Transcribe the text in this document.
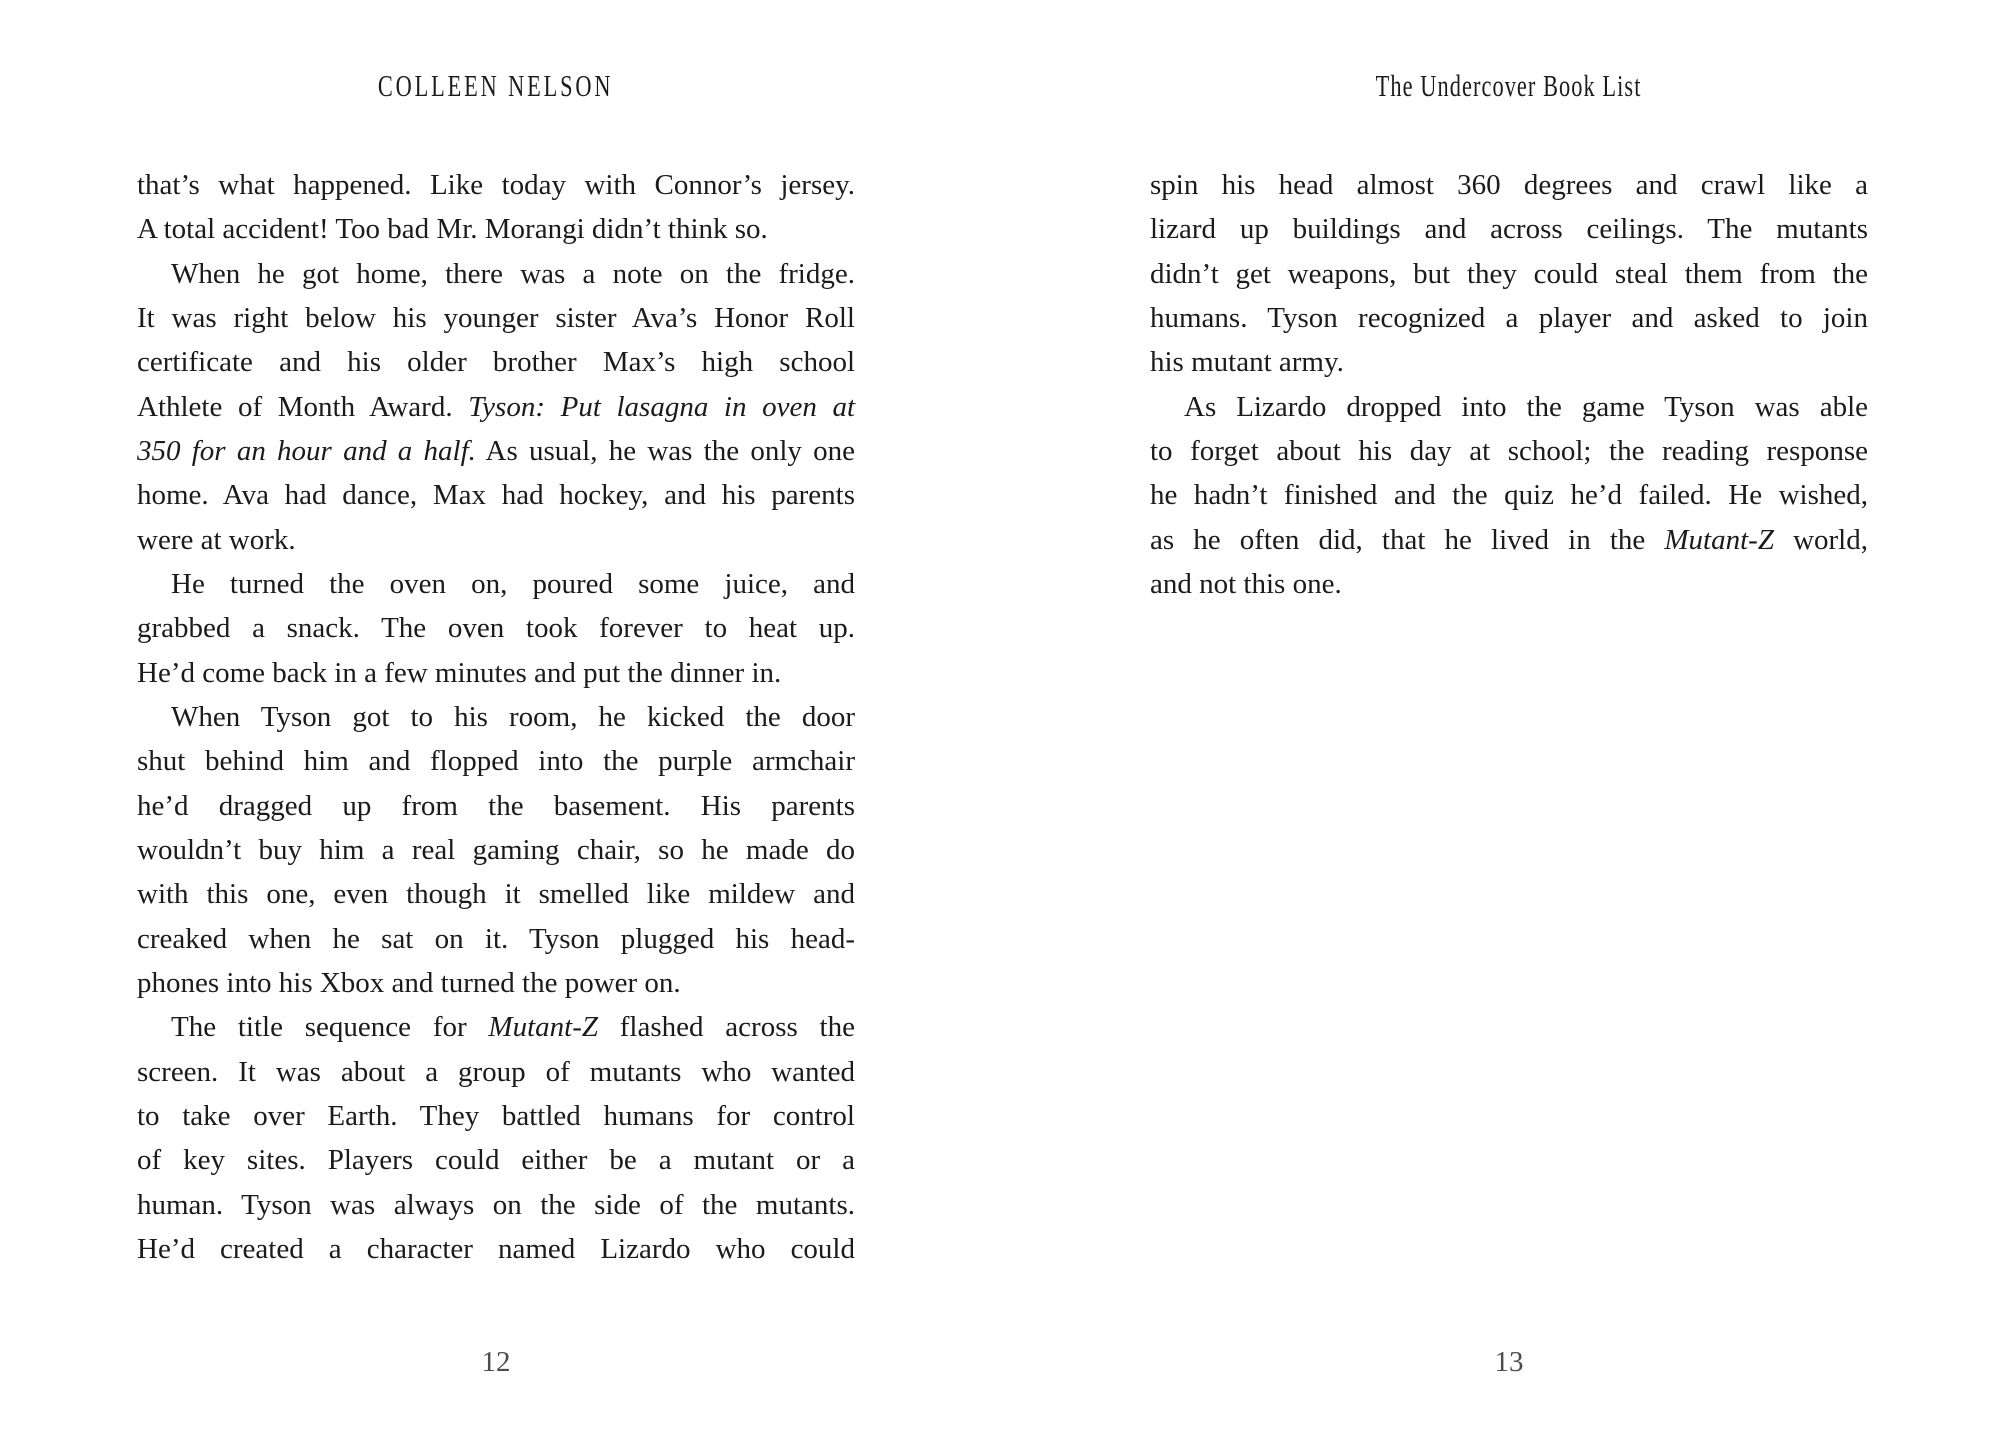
COLLEEN NELSON
that’s what happened. Like today with Connor’s jersey.
A total accident! Too bad Mr. Morangi didn’t think so.
When he got home, there was a note on the fridge.
It was right below his younger sister Ava’s Honor Roll
certificate and his older brother Max’s high school
Athlete of Month Award. Tyson: Put lasagna in oven at
350 for an hour and a half. As usual, he was the only one
home. Ava had dance, Max had hockey, and his parents
were at work.
He turned the oven on, poured some juice, and
grabbed a snack. The oven took forever to heat up.
He’d come back in a few minutes and put the dinner in.
When Tyson got to his room, he kicked the door
shut behind him and flopped into the purple armchair
he’d dragged up from the basement. His parents
wouldn’t buy him a real gaming chair, so he made do
with this one, even though it smelled like mildew and
creaked when he sat on it. Tyson plugged his head-
phones into his Xbox and turned the power on.
The title sequence for Mutant-Z flashed across the
screen. It was about a group of mutants who wanted
to take over Earth. They battled humans for control
of key sites. Players could either be a mutant or a
human. Tyson was always on the side of the mutants.
He’d created a character named Lizardo who could
12
The Undercover Book List
spin his head almost 360 degrees and crawl like a
lizard up buildings and across ceilings. The mutants
didn’t get weapons, but they could steal them from the
humans. Tyson recognized a player and asked to join
his mutant army.
As Lizardo dropped into the game Tyson was able
to forget about his day at school; the reading response
he hadn’t finished and the quiz he’d failed. He wished,
as he often did, that he lived in the Mutant-Z world,
and not this one.
13
